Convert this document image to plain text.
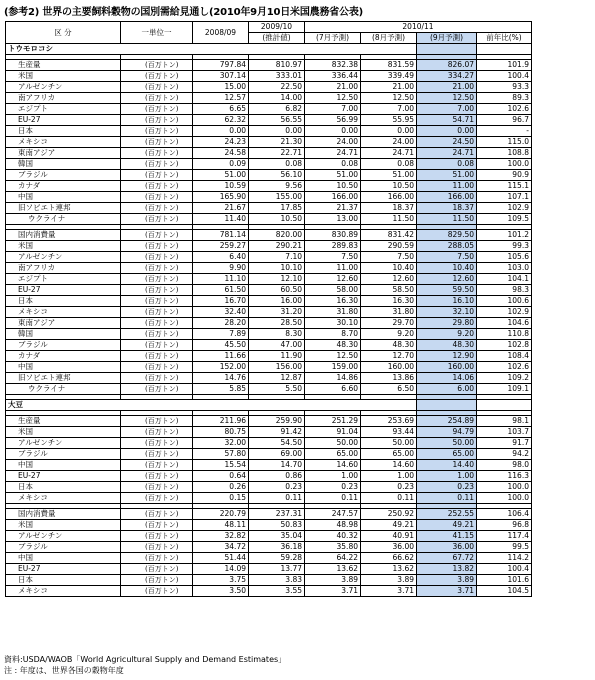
(参考2) 世界の主要飼料穀物の国別需給見通し(2010年9月10日米国農務省公表)
区 分	一単位一	2008/09	2009/10	2010/11			
			(推計値)	(7月予測)	(8月予測)	(9月予測)	前年比(%)
トウモロコシ							

生産量	(百万トン)	797.84	810.97	832.38	831.59	826.07	101.9
米国	(百万トン)	307.14	333.01	336.44	339.49	334.27	100.4
アルゼンチン	(百万トン)	15.00	22.50	21.00	21.00	21.00	93.3
南アフリカ	(百万トン)	12.57	14.00	12.50	12.50	12.50	89.3
エジプト	(百万トン)	6.65	6.82	7.00	7.00	7.00	102.6
EU-27	(百万トン)	62.32	56.55	56.99	55.95	54.71	96.7
日本	(百万トン)	0.00	0.00	0.00	0.00	0.00	-
メキシコ	(百万トン)	24.23	21.30	24.00	24.00	24.50	115.0
東南アジア	(百万トン)	24.58	22.71	24.71	24.71	24.71	108.8
韓国	(百万トン)	0.09	0.08	0.08	0.08	0.08	100.0
ブラジル	(百万トン)	51.00	56.10	51.00	51.00	51.00	90.9
カナダ	(百万トン)	10.59	9.56	10.50	10.50	11.00	115.1
中国	(百万トン)	165.90	155.00	166.00	166.00	166.00	107.1
旧ソビエト連邦	(百万トン)	21.67	17.85	21.37	18.37	18.37	102.9
ウクライナ	(百万トン)	11.40	10.50	13.00	11.50	11.50	109.5

国内消費量	(百万トン)	781.14	820.00	830.89	831.42	829.50	101.2
米国	(百万トン)	259.27	290.21	289.83	290.59	288.05	99.3
アルゼンチン	(百万トン)	6.40	7.10	7.50	7.50	7.50	105.6
南アフリカ	(百万トン)	9.90	10.10	11.00	10.40	10.40	103.0
エジプト	(百万トン)	11.10	12.10	12.60	12.60	12.60	104.1
EU-27	(百万トン)	61.50	60.50	58.00	58.50	59.50	98.3
日本	(百万トン)	16.70	16.00	16.30	16.30	16.10	100.6
メキシコ	(百万トン)	32.40	31.20	31.80	31.80	32.10	102.9
東南アジア	(百万トン)	28.20	28.50	30.10	29.70	29.80	104.6
韓国	(百万トン)	7.89	8.30	8.70	9.20	9.20	110.8
ブラジル	(百万トン)	45.50	47.00	48.30	48.30	48.30	102.8
カナダ	(百万トン)	11.66	11.90	12.50	12.70	12.90	108.4
中国	(百万トン)	152.00	156.00	159.00	160.00	160.00	102.6
旧ソビエト連邦	(百万トン)	14.76	12.87	14.86	13.86	14.06	109.2
ウクライナ	(百万トン)	5.85	5.50	6.60	6.50	6.00	109.1

大豆							

生産量	(百万トン)	211.96	259.90	251.29	253.69	254.89	98.1
米国	(百万トン)	80.75	91.42	91.04	93.44	94.79	103.7
アルゼンチン	(百万トン)	32.00	54.50	50.00	50.00	50.00	91.7
ブラジル	(百万トン)	57.80	69.00	65.00	65.00	65.00	94.2
中国	(百万トン)	15.54	14.70	14.60	14.60	14.40	98.0
EU-27	(百万トン)	0.64	0.86	1.00	1.00	1.00	116.3
日本	(百万トン)	0.26	0.23	0.23	0.23	0.23	100.0
メキシコ	(百万トン)	0.15	0.11	0.11	0.11	0.11	100.0

国内消費量	(百万トン)	220.79	237.31	247.57	250.92	252.55	106.4
米国	(百万トン)	48.11	50.83	48.98	49.21	49.21	96.8
アルゼンチン	(百万トン)	32.82	35.04	40.32	40.91	41.15	117.4
ブラジル	(百万トン)	34.72	36.18	35.80	36.00	36.00	99.5
中国	(百万トン)	51.44	59.28	64.22	66.62	67.72	114.2
EU-27	(百万トン)	14.09	13.77	13.62	13.62	13.82	100.4
日本	(百万トン)	3.75	3.83	3.89	3.89	3.89	101.6
メキシコ	(百万トン)	3.50	3.55	3.71	3.71	3.71	104.5
資料:USDA/WAOB「World Agricultural Supply and Demand Estimates」
注 : 年度は、世界各国の穀物年度
